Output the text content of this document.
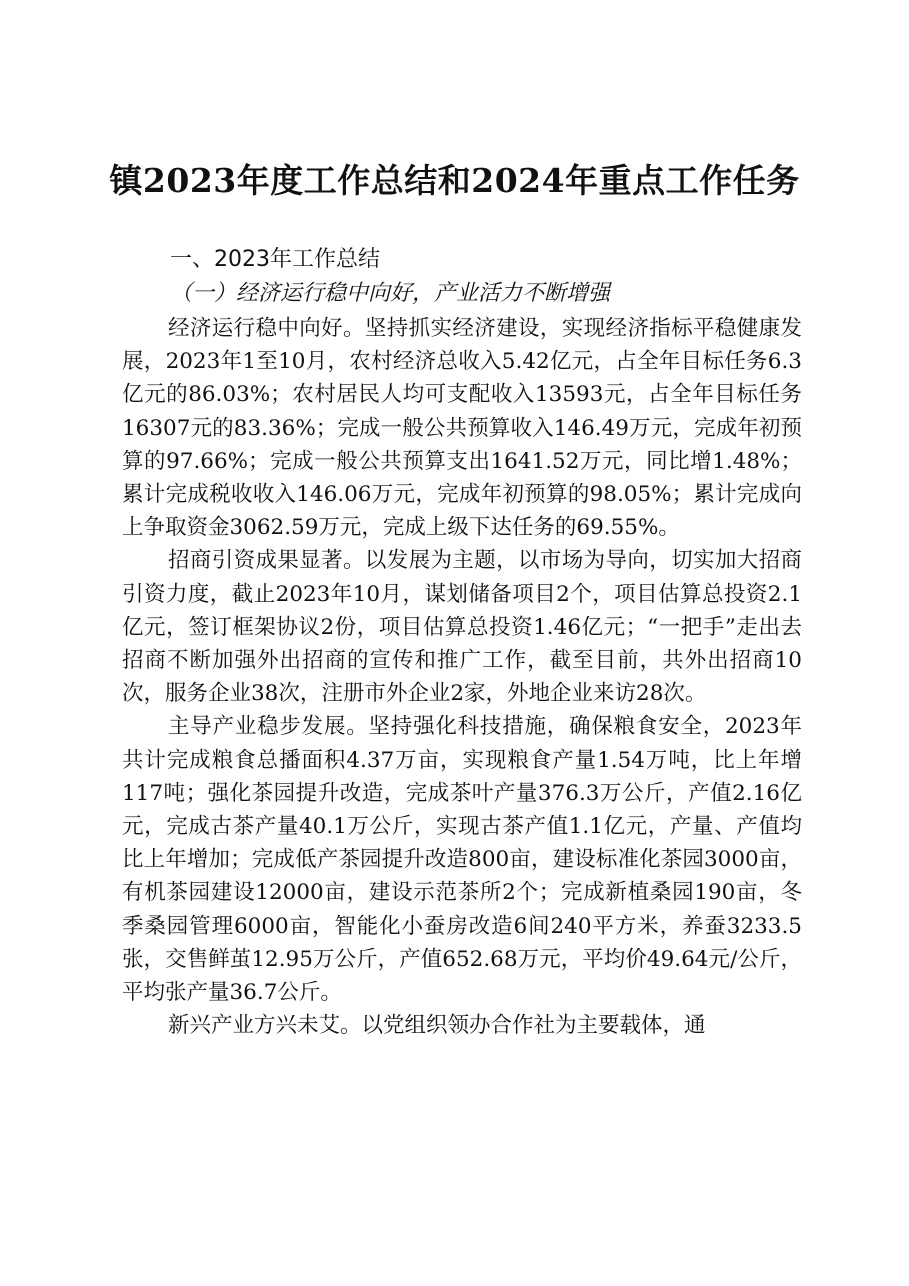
镇2023年度工作总结和2024年重点工作任务
一、2023年工作总结
（一）经济运行稳中向好，产业活力不断增强

经济运行稳中向好。坚持抓实经济建设，实现经济指标平稳健康发展，2023年1至10月，农村经济总收入5.42亿元，占全年目标任务6.3亿元的86.03%；农村居民人均可支配收入13593元，占全年目标任务16307元的83.36%；完成一般公共预算收入146.49万元，完成年初预算的97.66%；完成一般公共预算支出1641.52万元，同比增1.48%；累计完成税收收入146.06万元，完成年初预算的98.05%；累计完成向上争取资金3062.59万元，完成上级下达任务的69.55%。

招商引资成果显著。以发展为主题，以市场为导向，切实加大招商引资力度，截止2023年10月，谋划储备项目2个，项目估算总投资2.1亿元，签订框架协议2份，项目估算总投资1.46亿元；“一把手”走出去招商不断加强外出招商的宣传和推广工作，截至目前，共外出招商10次，服务企业38次，注册市外企业2家，外地企业来访28次。

主导产业稳步发展。坚持强化科技措施，确保粮食安全，2023年共计完成粮食总播面积4.37万亩，实现粮食产量1.54万吨，比上年增117吨；强化茶园提升改造，完成茶叶产量376.3万公斤，产值2.16亿元，完成古茶产量40.1万公斤，实现古茶产值1.1亿元，产量、产值均比上年增加；完成低产茶园提升改造800亩，建设标准化茶园3000亩，有机茶园建设12000亩，建设示范茶所2个；完成新植桑园190亩，冬季桑园管理6000亩，智能化小蚕房改造6间240平方米，养蚕3233.5张，交售鲜茧12.95万公斤，产值652.68万元，平均价49.64元/公斤，平均张产量36.7公斤。

新兴产业方兴未艾。以党组织领办合作社为主要载体，通
